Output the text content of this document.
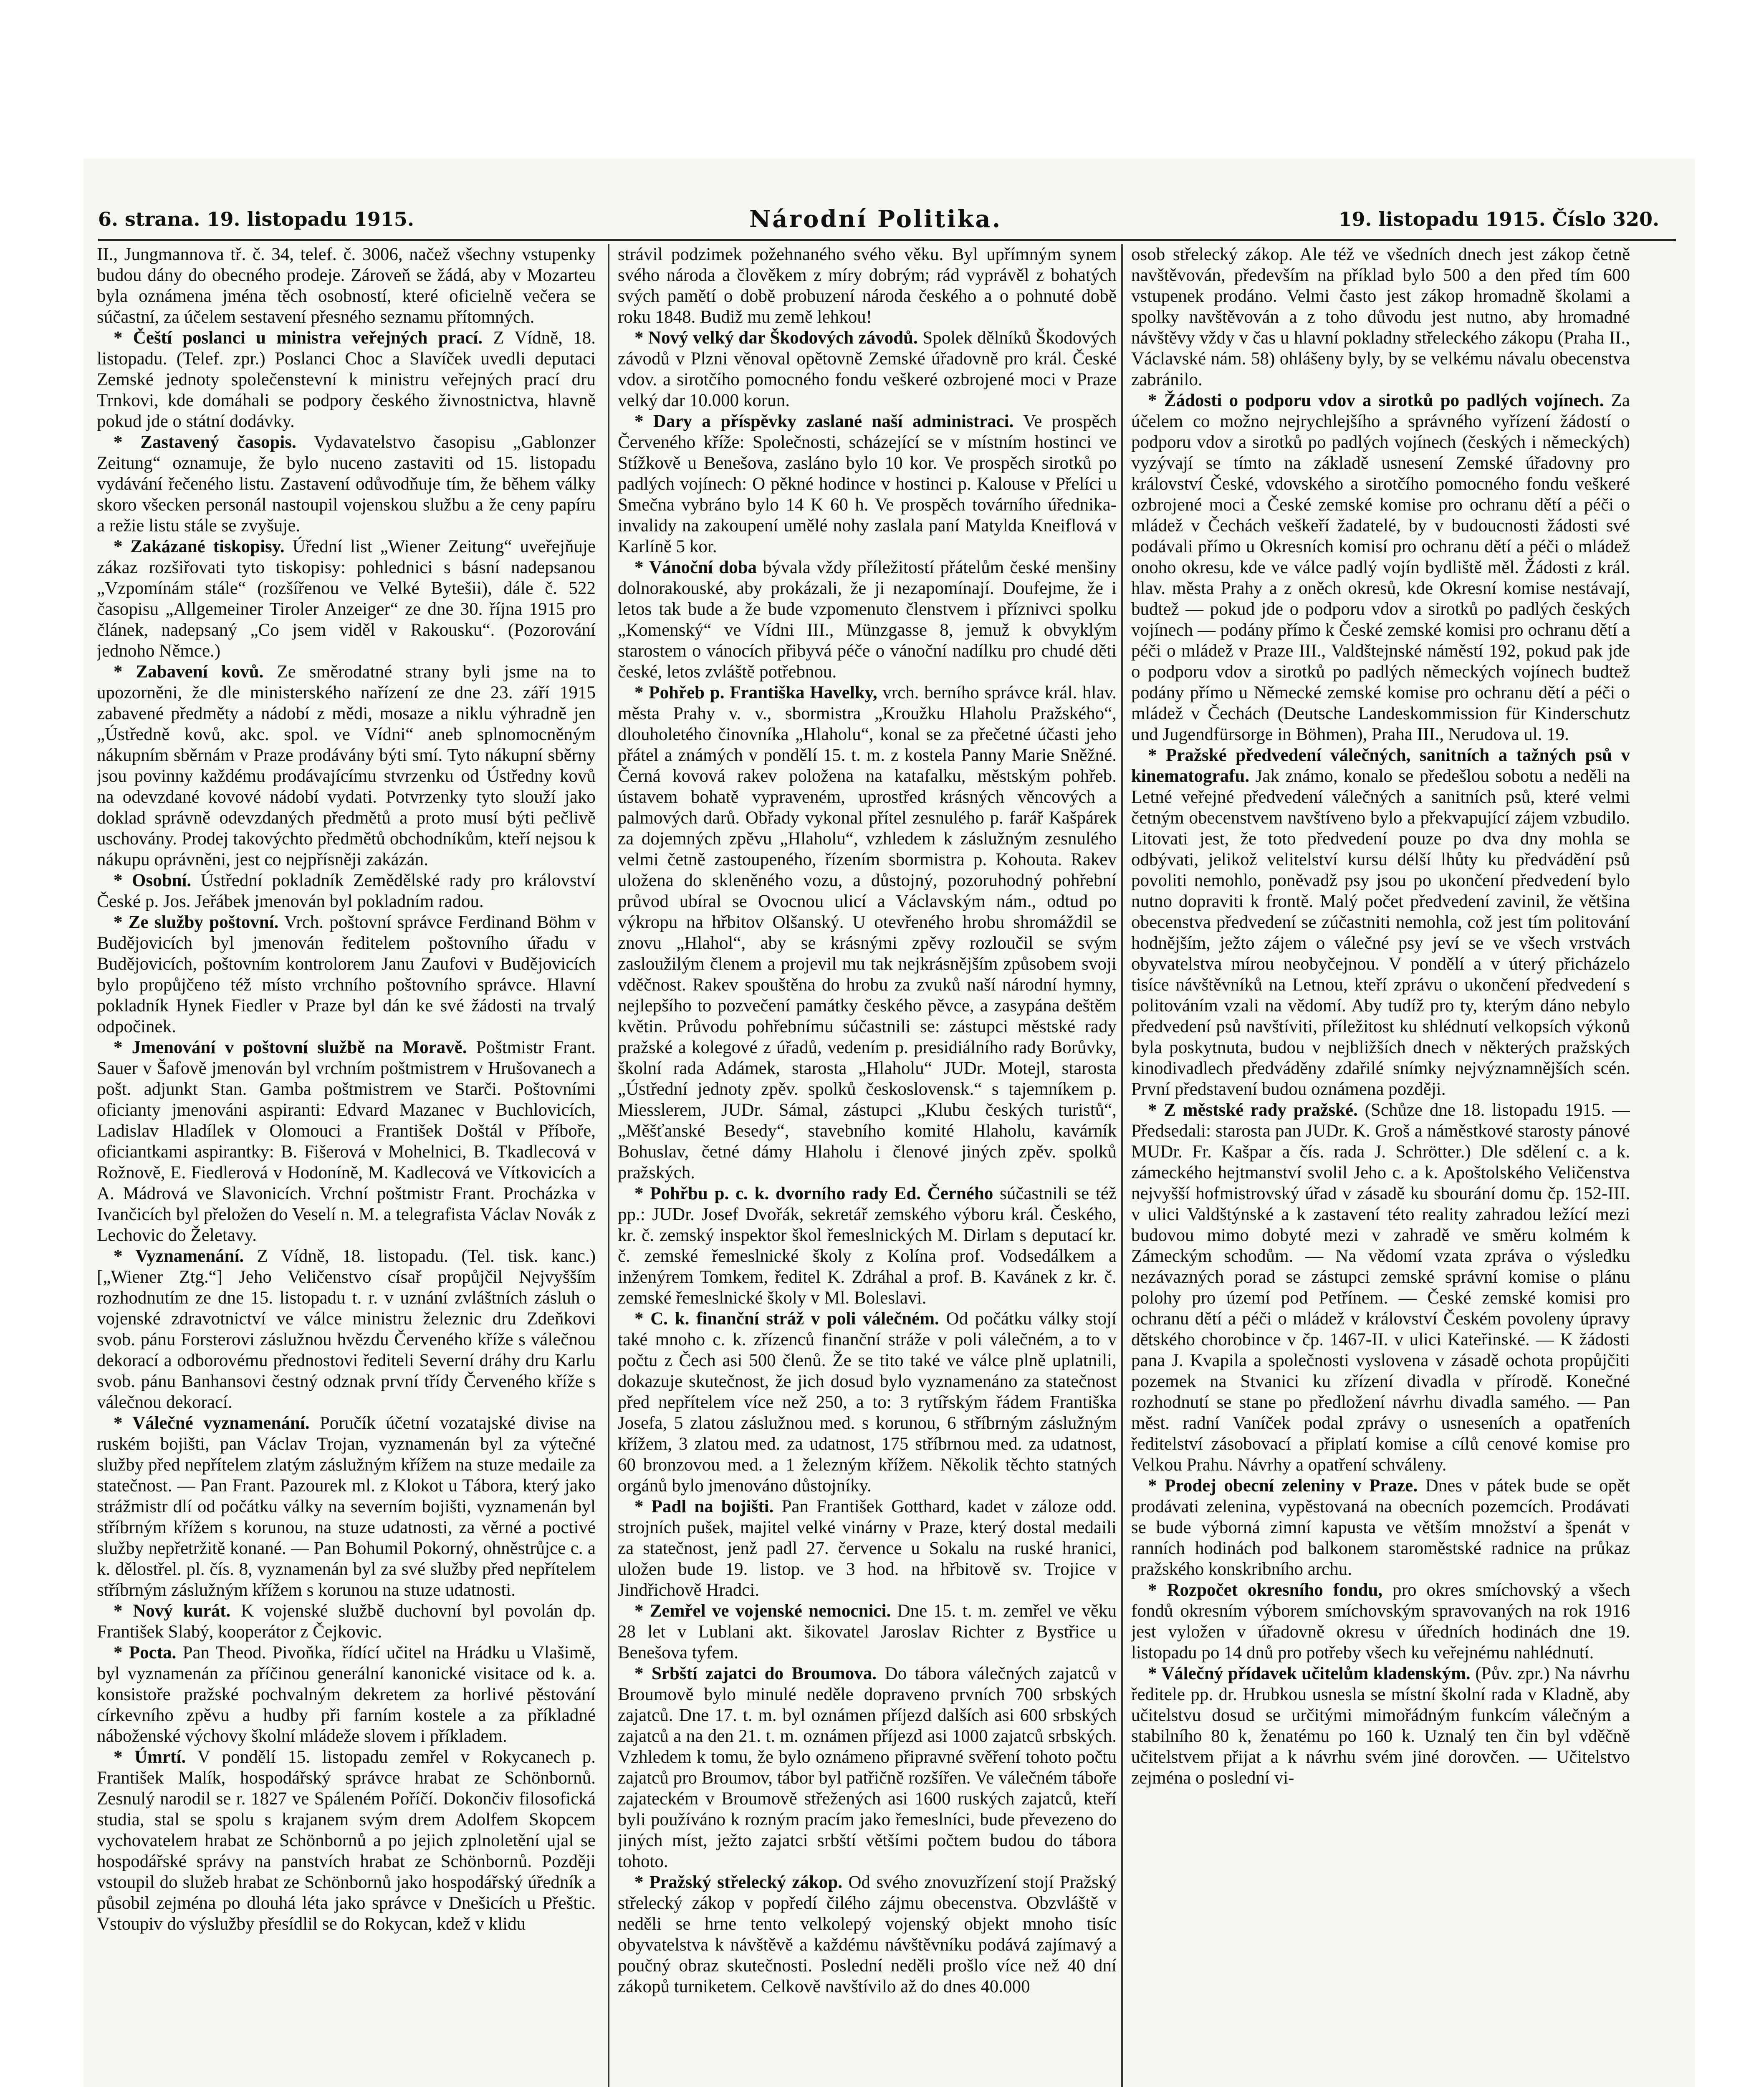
6. strana. 19. listopadu 1915.	Národní Politika.	19. listopadu 1915. Číslo 320.

II., Jungmannova tř. č. 34, telef. č. 3006, načež všechny vstupenky budou dány do obecného prodeje. Zároveň se žádá, aby v Mozarteu byla oznámena jména těch osobností, které oficielně večera se súčastní, za účelem sestavení přesného seznamu přítomných.

* Čeští poslanci u ministra veřejných prací. Z Vídně, 18. listopadu. (Telef. zpr.) Poslanci Choc a Slavíček uvedli deputaci Zemské jednoty společenstevní k ministru veřejných prací dru Trnkovi, kde domáhali se podpory českého živnostnictva, hlavně pokud jde o státní dodávky.

* Zastavený časopis. Vydavatelstvo časopisu „Gablonzer Zeitung“ oznamuje, že bylo nuceno zastaviti od 15. listopadu vydávání řečeného listu. Zastavení odůvodňuje tím, že během války skoro všecken personál nastoupil vojenskou službu a že ceny papíru a režie listu stále se zvyšuje.

* Zakázané tiskopisy. Úřední list „Wiener Zeitung“ uveřejňuje zákaz rozšiřovati tyto tiskopisy: pohlednici s básní nadepsanou „Vzpomínám stále“ (rozšířenou ve Velké Bytešii), dále č. 522 časopisu „Allgemeiner Tiroler Anzeiger“ ze dne 30. října 1915 pro článek, nadepsaný „Co jsem viděl v Rakousku“. (Pozorování jednoho Němce.)

* Zabavení kovů. Ze směrodatné strany byli jsme na to upozorněni, že dle ministerského nařízení ze dne 23. září 1915 zabavené předměty a nádobí z mědi, mosaze a niklu výhradně jen „Ústředně kovů, akc. spol. ve Vídni“ aneb splnomocněným nákupním sběrnám v Praze prodávány býti smí. Tyto nákupní sběrny jsou povinny každému prodávajícímu stvrzenku od Ústředny kovů na odevzdané kovové nádobí vydati. Potvrzenky tyto slouží jako doklad správně odevzdaných předmětů a proto musí býti pečlivě uschovány. Prodej takovýchto předmětů obchodníkům, kteří nejsou k nákupu oprávněni, jest co nejpřísněji zakázán.

* Osobní. Ústřední pokladník Zemědělské rady pro království České p. Jos. Jeřábek jmenován byl pokladním radou.

* Ze služby poštovní. Vrch. poštovní správce Ferdinand Böhm v Budějovicích byl jmenován ředitelem poštovního úřadu v Budějovicích, poštovním kontrolorem Janu Zaufovi v Budějovicích bylo propůjčeno též místo vrchního poštovního správce. Hlavní pokladník Hynek Fiedler v Praze byl dán ke své žádosti na trvalý odpočinek.

* Jmenování v poštovní službě na Moravě. Poštmistr Frant. Sauer v Šafově jmenován byl vrchním poštmistrem v Hrušovanech a pošt. adjunkt Stan. Gamba poštmistrem ve Starči. Poštovními oficianty jmenováni aspiranti: Edvard Mazanec v Buchlovicích, Ladislav Hladílek v Olomouci a František Doštál v Příboře, oficiantkami aspirantky: B. Fišerová v Mohelnici, B. Tkadlecová v Rožnově, E. Fiedlerová v Hodoníně, M. Kadlecová ve Vítkovicích a A. Mádrová ve Slavonicích. Vrchní poštmistr Frant. Procházka v Ivančicích byl přeložen do Veselí n. M. a telegrafista Václav Novák z Lechovic do Želetavy.

* Vyznamenání. Z Vídně, 18. listopadu. (Tel. tisk. kanc.) [„Wiener Ztg.“] Jeho Veličenstvo císař propůjčil Nejvyšším rozhodnutím ze dne 15. listopadu t. r. v uznání zvláštních zásluh o vojenské zdravotnictví ve válce ministru železnic dru Zdeňkovi svob. pánu Forsterovi záslužnou hvězdu Červeného kříže s válečnou dekorací a odborovému přednostovi řediteli Severní dráhy dru Karlu svob. pánu Banhansovi čestný odznak první třídy Červeného kříže s válečnou dekorací.

* Válečné vyznamenání. Poručík účetní vozatajské divise na ruském bojišti, pan Václav Trojan, vyznamenán byl za výtečné služby před nepřítelem zlatým záslužným křížem na stuze medaile za statečnost. — Pan Frant. Pazourek ml. z Klokot u Tábora, který jako strážmistr dlí od počátku války na severním bojišti, vyznamenán byl stříbrným křížem s korunou, na stuze udatnosti, za věrné a poctivé služby nepřetržitě konané. — Pan Bohumil Pokorný, ohněstrůjce c. a k. dělostřel. pl. čís. 8, vyznamenán byl za své služby před nepřítelem stříbrným záslužným křížem s korunou na stuze udatnosti.

* Nový kurát. K vojenské službě duchovní byl povolán dp. František Slabý, kooperátor z Čejkovic.

* Pocta. Pan Theod. Pivoňka, řídící učitel na Hrádku u Vlašimě, byl vyznamenán za příčinou generální kanonické visitace od k. a. konsistoře pražské pochvalným dekretem za horlivé pěstování církevního zpěvu a hudby při farním kostele a za příkladné náboženské výchovy školní mládeže slovem i příkladem.

* Úmrtí. V pondělí 15. listopadu zemřel v Rokycanech p. František Malík, hospodářský správce hrabat ze Schönbornů. Zesnulý narodil se r. 1827 ve Spáleném Poříčí. Dokončiv filosofická studia, stal se spolu s krajanem svým drem Adolfem Skopcem vychovatelem hrabat ze Schönbornů a po jejich zplnoletění ujal se hospodářské správy na panstvích hrabat ze Schönbornů. Později vstoupil do služeb hrabat ze Schönbornů jako hospodářský úředník a působil zejména po dlouhá léta jako správce v Dnešicích u Přeštic. Vstoupiv do výslužby přesídlil se do Rokycan, kdež v klidu

strávil podzimek požehnaného svého věku. Byl upřímným synem svého národa a člověkem z míry dobrým; rád vyprávěl z bohatých svých pamětí o době probuzení národa českého a o pohnuté době roku 1848. Budiž mu země lehkou!

* Nový velký dar Škodových závodů. Spolek dělníků Škodových závodů v Plzni věnoval opětovně Zemské úřadovně pro král. České vdov. a sirotčího pomocného fondu veškeré ozbrojené moci v Praze velký dar 10.000 korun.

* Dary a příspěvky zaslané naší administraci. Ve prospěch Červeného kříže: Společnosti, scházející se v místním hostinci ve Stížkově u Benešova, zasláno bylo 10 kor. Ve prospěch sirotků po padlých vojínech: O pěkné hodince v hostinci p. Kalouse v Přelíci u Smečna vybráno bylo 14 K 60 h. Ve prospěch továrního úřednika-invalidy na zakoupení umělé nohy zaslala paní Matylda Kneiflová v Karlíně 5 kor.

* Vánoční doba bývala vždy příležitostí přátelům české menšiny dolnorakouské, aby prokázali, že ji nezapomínají. Doufejme, že i letos tak bude a že bude vzpomenuto členstvem i příznivci spolku „Komenský“ ve Vídni III., Münzgasse 8, jemuž k obvyklým starostem o vánocích přibyvá péče o vánoční nadílku pro chudé děti české, letos zvláště potřebnou.

* Pohřeb p. Františka Havelky, vrch. berního správce král. hlav. města Prahy v. v., sbormistra „Kroužku Hlaholu Pražského“, dlouholetého činovníka „Hlaholu“, konal se za přečetné účasti jeho přátel a známých v pondělí 15. t. m. z kostela Panny Marie Sněžné. Černá kovová rakev položena na katafalku, městským pohřeb. ústavem bohatě vypraveném, uprostřed krásných věncových a palmových darů. Obřady vykonal přítel zesnulého p. farář Kašpárek za dojemných zpěvu „Hlaholu“, vzhledem k záslužným zesnulého velmi četně zastoupeného, řízením sbormistra p. Kohouta. Rakev uložena do skleněného vozu, a důstojný, pozoruhodný pohřební průvod ubíral se Ovocnou ulicí a Václavským nám., odtud po výkropu na hřbitov Olšanský. U otevřeného hrobu shromáždil se znovu „Hlahol“, aby se krásnými zpěvy rozloučil se svým zasloužilým členem a projevil mu tak nejkrásnějším způsobem svoji vděčnost. Rakev spouštěna do hrobu za zvuků naší národní hymny, nejlepšího to pozvečení památky českého pěvce, a zasypána deštěm květin. Průvodu pohřebnímu súčastnili se: zástupci městské rady pražské a kolegové z úřadů, vedením p. presidiálního rady Borůvky, školní rada Adámek, starosta „Hlaholu“ JUDr. Motejl, starosta „Ústřední jednoty zpěv. spolků československ.“ s tajemníkem p. Miesslerem, JUDr. Sámal, zástupci „Klubu českých turistů“, „Měšťanské Besedy“, stavebního komité Hlaholu, kavárník Bohuslav, četné dámy Hlaholu i členové jiných zpěv. spolků pražských.

* Pohřbu p. c. k. dvorního rady Ed. Černého súčastnili se též pp.: JUDr. Josef Dvořák, sekretář zemského výboru král. Českého, kr. č. zemský inspektor škol řemeslnických M. Dirlam s deputací kr. č. zemské řemeslnické školy z Kolína prof. Vodsedálkem a inženýrem Tomkem, ředitel K. Zdráhal a prof. B. Kavánek z kr. č. zemské řemeslnické školy v Ml. Boleslavi.

* C. k. finanční stráž v poli válečném. Od počátku války stojí také mnoho c. k. zřízenců finanční stráže v poli válečném, a to v počtu z Čech asi 500 členů. Že se tito také ve válce plně uplatnili, dokazuje skutečnost, že jich dosud bylo vyznamenáno za statečnost před nepřítelem více než 250, a to: 3 rytířským řádem Františka Josefa, 5 zlatou záslužnou med. s korunou, 6 stříbrným záslužným křížem, 3 zlatou med. za udatnost, 175 stříbrnou med. za udatnost, 60 bronzovou med. a 1 železným křížem. Několik těchto statných orgánů bylo jmenováno důstojníky.

* Padl na bojišti. Pan František Gotthard, kadet v záloze odd. strojních pušek, majitel velké vinárny v Praze, který dostal medaili za statečnost, jenž padl 27. července u Sokalu na ruské hranici, uložen bude 19. listop. ve 3 hod. na hřbitově sv. Trojice v Jindřichově Hradci.

* Zemřel ve vojenské nemocnici. Dne 15. t. m. zemřel ve věku 28 let v Lublani akt. šikovatel Jaroslav Richter z Bystřice u Benešova tyfem.

* Srbští zajatci do Broumova. Do tábora válečných zajatců v Broumově bylo minulé neděle dopraveno prvních 700 srbských zajatců. Dne 17. t. m. byl oznámen příjezd dalších asi 600 srbských zajatců a na den 21. t. m. oznámen příjezd asi 1000 zajatců srbských. Vzhledem k tomu, že bylo oznámeno připravné svěření tohoto počtu zajatců pro Broumov, tábor byl patřičně rozšířen. Ve válečném táboře zajateckém v Broumově střežených asi 1600 ruských zajatců, kteří byli používáno k rozným pracím jako řemeslníci, bude převezeno do jiných míst, ježto zajatci srbští většími počtem budou do tábora tohoto.

* Pražský střelecký zákop. Od svého znovuzřízení stojí Pražský střelecký zákop v popředí čilého zájmu obecenstva. Obzvláště v neděli se hrne tento velkolepý vojenský objekt mnoho tisíc obyvatelstva k návštěvě a každému návštěvníku podává zajímavý a poučný obraz skutečnosti. Poslední neděli prošlo více než 40 dní zákopů turniketem. Celkově navštívilo až do dnes 40.000

osob střelecký zákop. Ale též ve všedních dnech jest zákop četně navštěvován, především na příklad bylo 500 a den před tím 600 vstupenek prodáno. Velmi často jest zákop hromadně školami a spolky navštěvován a z toho důvodu jest nutno, aby hromadné návštěvy vždy v čas u hlavní pokladny střeleckého zákopu (Praha II., Václavské nám. 58) ohlášeny byly, by se velkému návalu obecenstva zabránilo.

* Žádosti o podporu vdov a sirotků po padlých vojínech. Za účelem co možno nejrychlejšího a správného vyřízení žádostí o podporu vdov a sirotků po padlých vojínech (českých i německých) vyzývají se tímto na základě usnesení Zemské úřadovny pro království České, vdovského a sirotčího pomocného fondu veškeré ozbrojené moci a České zemské komise pro ochranu dětí a péči o mládež v Čechách veškeří žadatelé, by v budoucnosti žádosti své podávali přímo u Okresních komisí pro ochranu dětí a péči o mládež onoho okresu, kde ve válce padlý vojín bydliště měl. Žádosti z král. hlav. města Prahy a z oněch okresů, kde Okresní komise nestávají, budtež — pokud jde o podporu vdov a sirotků po padlých českých vojínech — podány přímo k České zemské komisi pro ochranu dětí a péči o mládež v Praze III., Valdštejnské náměstí 192, pokud pak jde o podporu vdov a sirotků po padlých německých vojínech budtež podány přímo u Německé zemské komise pro ochranu dětí a péči o mládež v Čechách (Deutsche Landeskommission für Kinderschutz und Jugendfürsorge in Böhmen), Praha III., Nerudova ul. 19.

* Pražské předvedení válečných, sanitních a tažných psů v kinematografu. Jak známo, konalo se předešlou sobotu a neděli na Letné veřejné předvedení válečných a sanitních psů, které velmi četným obecenstvem navštíveno bylo a překvapující zájem vzbudilo. Litovati jest, že toto předvedení pouze po dva dny mohla se odbývati, jelikož velitelství kursu délší lhůty ku předvádění psů povoliti nemohlo, poněvadž psy jsou po ukončení předvedení bylo nutno dopraviti k frontě. Malý počet předvedení zavinil, že většina obecenstva předvedení se zúčastniti nemohla, což jest tím politování hodnějším, ježto zájem o válečné psy jeví se ve všech vrstvách obyvatelstva mírou neobyčejnou. V pondělí a v úterý přicházelo tisíce návštěvníků na Letnou, kteří zprávu o ukončení předvedení s politováním vzali na vědomí. Aby tudíž pro ty, kterým dáno nebylo předvedení psů navštíviti, příležitost ku shlédnutí velkopsích výkonů byla poskytnuta, budou v nejbližších dnech v některých pražských kinodivadlech předváděny zdařilé snímky nejvýznamnějších scén. První představení budou oznámena později.

* Z městské rady pražské. (Schůze dne 18. listopadu 1915. — Předsedali: starosta pan JUDr. K. Groš a náměstkové starosty pánové MUDr. Fr. Kašpar a čís. rada J. Schrötter.) Dle sdělení c. a k. zámeckého hejtmanství svolil Jeho c. a k. Apoštolského Veličenstva nejvyšší hofmistrovský úřad v zásadě ku sbourání domu čp. 152-III. v ulici Valdštýnské a k zastavení této reality zahradou ležící mezi budovou mimo dobyté mezi v zahradě ve směru kolmém k Zámeckým schodům. — Na vědomí vzata zpráva o výsledku nezávazných porad se zástupci zemské správní komise o plánu polohy pro území pod Petřínem. — České zemské komisi pro ochranu dětí a péči o mládež v království Českém povoleny úpravy dětského chorobince v čp. 1467-II. v ulici Kateřinské. — K žádosti pana J. Kvapila a společnosti vyslovena v zásadě ochota propůjčiti pozemek na Stvanici ku zřízení divadla v přírodě. Konečné rozhodnutí se stane po předložení návrhu divadla samého. — Pan měst. radní Vaníček podal zprávy o usneseních a opatřeních ředitelství zásobovací a připlatí komise a cílů cenové komise pro Velkou Prahu. Návrhy a opatření schváleny.

* Prodej obecní zeleniny v Praze. Dnes v pátek bude se opět prodávati zelenina, vypěstovaná na obecních pozemcích. Prodávati se bude výborná zimní kapusta ve větším množství a špenát v ranních hodinách pod balkonem staroměstské radnice na průkaz pražského konskribního archu.

* Rozpočet okresního fondu, pro okres smíchovský a všech fondů okresním výborem smíchovským spravovaných na rok 1916 jest vyložen v úřadovně okresu v úředních hodinách dne 19. listopadu po 14 dnů pro potřeby všech ku veřejnému nahlédnutí.

* Válečný přídavek učitelům kladenským. (Pův. zpr.) Na návrhu ředitele pp. dr. Hrubkou usnesla se místní školní rada v Kladně, aby učitelstvu dosud se určitými mimořádným funkcím válečným a stabilního 80 k, ženatému po 160 k. Uznalý ten čin byl vděčně učitelstvem přijat a k návrhu svém jiné dorovčen. — Učitelstvo zejména o poslední vi-
